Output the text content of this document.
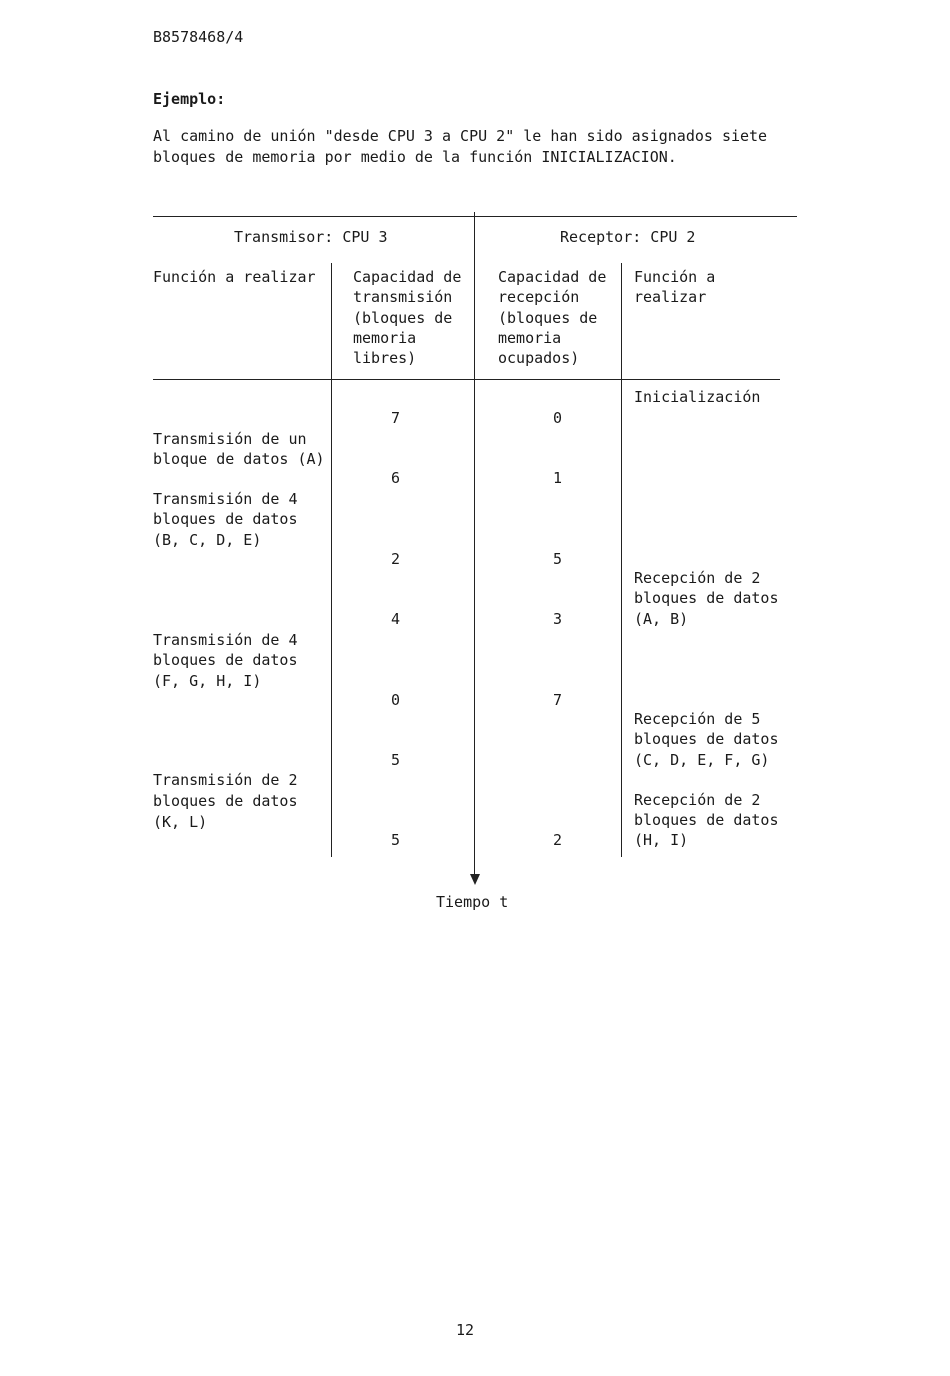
B8578468/4
Ejemplo:
Al camino de unión "desde CPU 3 a CPU 2" le han sido asignados siete
bloques de memoria por medio de la función INICIALIZACION.
Transmisor: CPU 3	Receptor: CPU 2
Función a realizar Capacidad de
transmisión
(bloques de
memoria
libres)
Capacidad de
recepción
(bloques de
memoria
ocupados)
Función a
realizar
Inicialización
Recepción de 2
bloques de datos
(A, B)
Recepción de 5
bloques de datos
(C, D, E, F, G)
Recepción de 2
bloques de datos
(H, I)
Transmisión de un
bloque de datos (A)
Transmisión de 4
bloques de datos
(B, C, D, E)
Transmisión de 4
bloques de datos
(F, G, H, I)
Transmisión de 2
bloques de datos
(K, L)
7
6
2
4
0
5
5
0
1
5
3
7
2
Tiempo t
12
